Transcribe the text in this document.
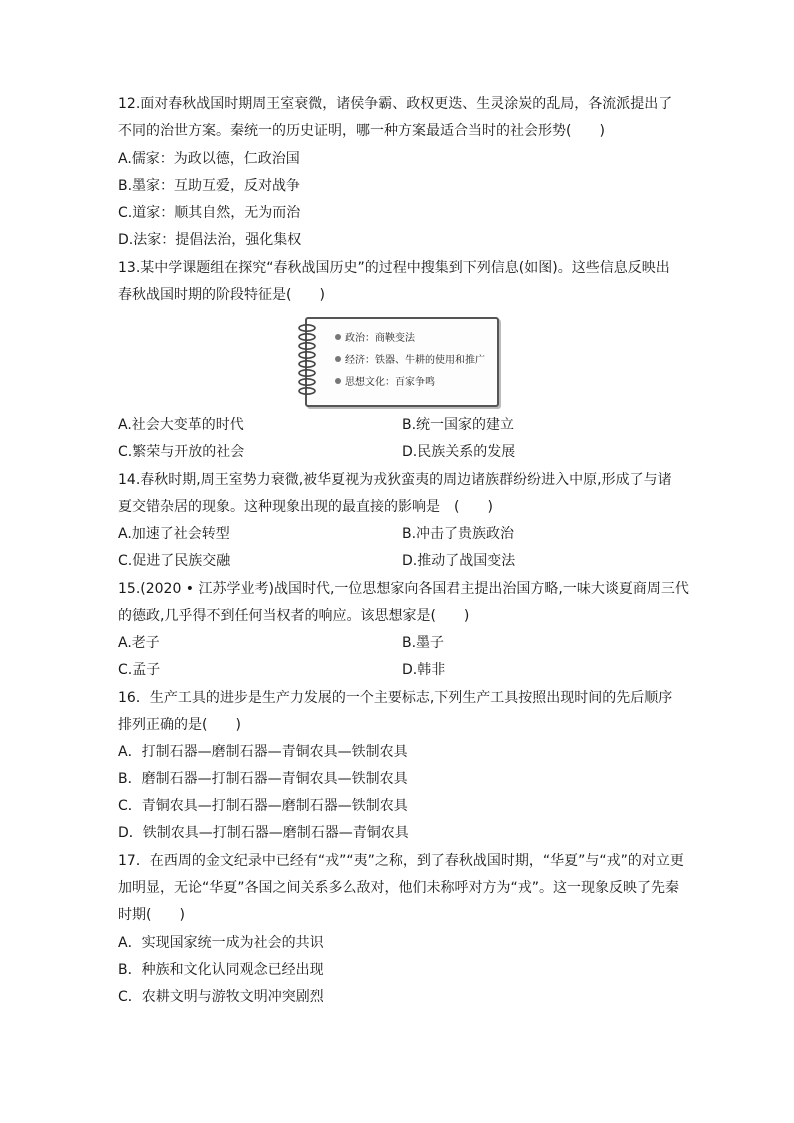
12.面对春秋战国时期周王室衰微，诸侯争霸、政权更迭、生灵涂炭的乱局，各流派提出了
不同的治世方案。秦统一的历史证明，哪一种方案最适合当时的社会形势(　　)
A.儒家：为政以德，仁政治国
B.墨家：互助互爱，反对战争
C.道家：顺其自然，无为而治
D.法家：提倡法治，强化集权
13.某中学课题组在探究“春秋战国历史”的过程中搜集到下列信息(如图)。这些信息反映出
春秋战国时期的阶段特征是(　　)
政治：商鞅变法
经济：铁器、牛耕的使用和推广
思想文化：百家争鸣
A.社会大变革的时代	B.统一国家的建立
C.繁荣与开放的社会	D.民族关系的发展
14.春秋时期,周王室势力衰微,被华夏视为戎狄蛮夷的周边诸族群纷纷进入中原,形成了与诸
夏交错杂居的现象。这种现象出现的最直接的影响是　(　　)
A.加速了社会转型	B.冲击了贵族政治
C.促进了民族交融	D.推动了战国变法
15.(2020 • 江苏学业考)战国时代,一位思想家向各国君主提出治国方略,一味大谈夏商周三代
的德政,几乎得不到任何当权者的响应。该思想家是(　　)
A.老子	B.墨子
C.孟子	D.韩非
16．生产工具的进步是生产力发展的一个主要标志,下列生产工具按照出现时间的先后顺序
排列正确的是(　　)
A．打制石器—磨制石器—青铜农具—铁制农具
B．磨制石器—打制石器—青铜农具—铁制农具
C．青铜农具—打制石器—磨制石器—铁制农具
D．铁制农具—打制石器—磨制石器—青铜农具
17．在西周的金文纪录中已经有“戎”“夷”之称，到了春秋战国时期，“华夏”与“戎”的对立更
加明显，无论“华夏”各国之间关系多么敌对，他们未称呼对方为“戎”。这一现象反映了先秦
时期(　　)
A．实现国家统一成为社会的共识
B．种族和文化认同观念已经出现
C．农耕文明与游牧文明冲突剧烈
